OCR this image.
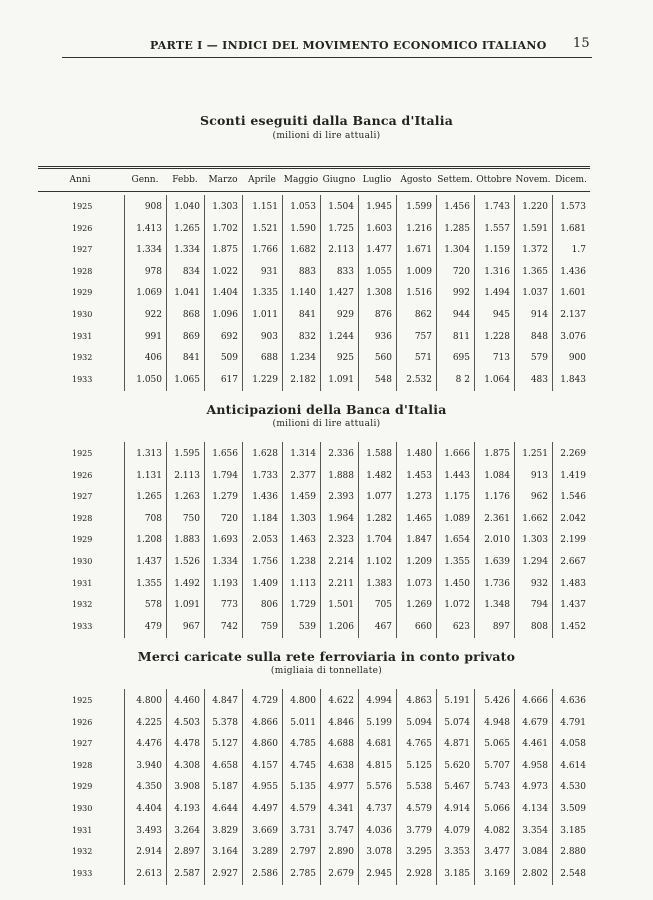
PARTE I — INDICI DEL MOVIMENTO ECONOMICO ITALIANO 15
Sconti eseguiti dalla Banca d'Italia
(milioni di lire attuali)
Anni	Genn.	Febb.	Marzo	Aprile Maggio Giugno Luglio Agosto Settem. Ottobre Novem. Dicem.
Anticipazioni della Banca d'Italia
(milioni di lire attuali)
Merci caricate sulla rete ferroviaria in conto privato
(migliaia di tonnellate)
1925	908 1.040 1.303 1.151 1.053 1.504 1.945 1.599 1.456 1.743 1.220 1.573
1926	1.413 1.265 1.702 1.521 1.590 1.725 1.603 1.216 1.285 1.557 1.591 1.681
1927	1.334 1.334 1.875 1.766 1.682 2.113 1.477 1.671 1.304 1.159 1.372	1.7
1928	978 834 1.022	931 883 833 1.055 1.009 720 1.316 1.365 1.436
1929	1.069 1.041 1.404 1.335 1.140 1.427 1.308 1.516 992 1.494 1.037 1.601
1930	922 868 1.096 1.011 841 929 876	862 944	945 914 2.137
1931	991 869 692	903 832 1.244 936	757 811 1.228 848 3.076
1932	406 841 509	688 1.234 925 560	571 695	713 579 900
1933	1.050 1.065 617 1.229 2.182 1.091 548 2.532	8 2 1.064 483 1.843
1925	1.313 1.595 1.656 1.628 1.314 2.336 1.588 1.480 1.666 1.875 1.251 2.269
1926	1.131 2.113 1.794 1.733 2.377 1.888 1.482 1.453 1.443 1.084 913 1.419
1927	1.265 1.263 1.279 1.436 1.459 2.393 1.077 1.273 1.175 1.176 962 1.546
1928	708 750 720 1.184 1.303 1.964 1.282 1.465 1.089 2.361 1.662 2.042
1929	1.208 1.883 1.693 2.053 1.463 2.323 1.704 1.847 1.654 2.010 1.303 2.199
1930	1.437 1.526 1.334 1.756 1.238 2.214 1.102 1.209 1.355 1.639 1.294 2.667
1931	1.355 1.492 1.193 1.409 1.113 2.211 1.383 1.073 1.450 1.736 932 1.483
1932	578 1.091 773	806 1.729 1.501 705 1.269 1.072 1.348 794 1.437
1933	479 967 742	759 539 1.206 467	660 623	897 808 1.452
1925	4.800 4.460 4.847 4.729 4.800 4.622 4.994 4.863 5.191 5.426 4.666 4.636
1926	4.225 4.503 5.378 4.866 5.011 4.846 5.199 5.094 5.074 4.948 4.679 4.791
1927	4.476 4.478 5.127 4.860 4.785 4.688 4.681 4.765 4.871 5.065 4.461 4.058
1928	3.940 4.308 4.658 4.157 4.745 4.638 4.815 5.125 5.620 5.707 4.958 4.614
1929	4.350 3.908 5.187 4.955 5.135 4.977 5.576 5.538 5.467 5.743 4.973 4.530
1930	4.404 4.193 4.644 4.497 4.579 4.341 4.737 4.579 4.914 5.066 4.134 3.509
1931	3.493 3.264 3.829 3.669 3.731 3.747 4.036 3.779 4.079 4.082 3.354 3.185
1932	2.914 2.897 3.164 3.289 2.797 2.890 3.078 3.295 3.353 3.477 3.084 2.880
1933	2.613 2.587 2.927 2.586 2.785 2.679 2.945 2.928 3.185 3.169 2.802 2.548
